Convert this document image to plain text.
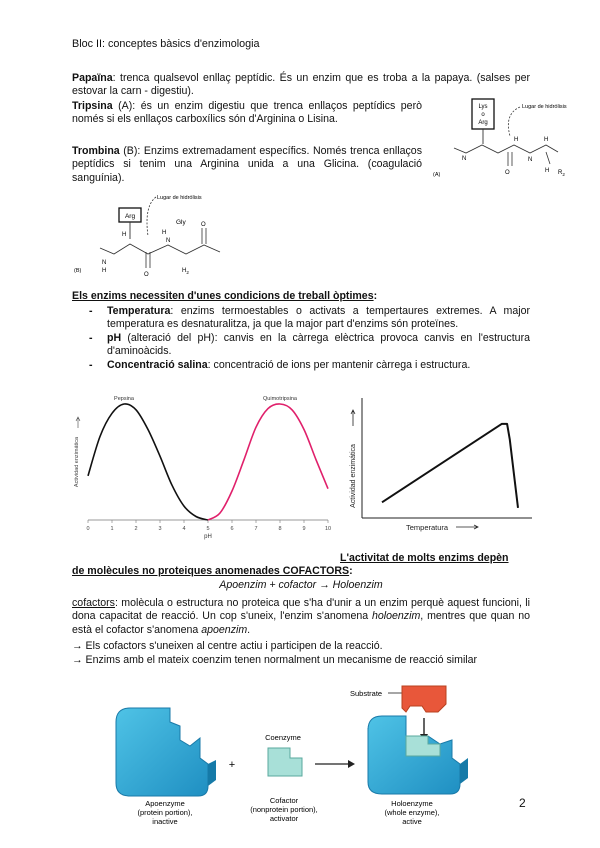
Bloc II: conceptes bàsics d'enzimologia
Papaïna: trenca qualsevol enllaç peptídic. És un enzim que es troba a la papaya. (salses per estovar la carn - digestiu).
Tripsina (A): és un enzim digestiu que trenca enllaços peptídics però només si els enllaços carboxílics són d'Arginina o Lisina.
Trombina (B): Enzims extremadament específics. Només trenca enllaços peptídics si tenim una Arginina unida a una Glicina. (coagulació sanguínia).
Lys
o
Arg
Lugar de hidrólisis
O
H
N
H
N
H $R_2$
(A)
Arg
Lugar de hidrólisis
Gly	O
O
N
H
H
N
H
$H_2$
(B)
Els enzims necessiten d'unes condicions de treball òptimes:
- Temperatura: enzims termoestables o activats a tempertaures extremes. A major temperatura es desnaturalitza, ja que la major part d'enzims són proteïnes.
- pH (alteració del pH): canvis en la càrrega elèctrica provoca canvis en l'estructura d'aminoàcids.
- Concentració salina: concentració de ions per mantenir càrrega i estructura.
0	1	2	3	4	5	6	7	8	9	10
pH
Actividad enzimática
Pepsina	Quimotripsina
Temperatura
Actividad enzimática
L'activitat de molts enzims depèn
de molècules no proteiques anomenades COFACTORS:
Apoenzim + cofactor → Holoenzim
cofactors: molècula o estructura no proteica que s'ha d'unir a un enzim perquè aquest funcioni, li dona capacitat de reacció. Un cop s'uneix, l'enzim s'anomena holoenzim, mentres que quan no està el cofactor s'anomena apoenzim.
→ Els cofactors s'uneixen al centre actiu i participen de la reacció.
→ Enzims amb el mateix coenzim tenen normalment un mecanisme de reacció similar
Apoenzyme
(protein portion),
inactive
+
Coenzyme
Cofactor
(nonprotein portion),
activator
Substrate
Holoenzyme
(whole enzyme),
active
2
